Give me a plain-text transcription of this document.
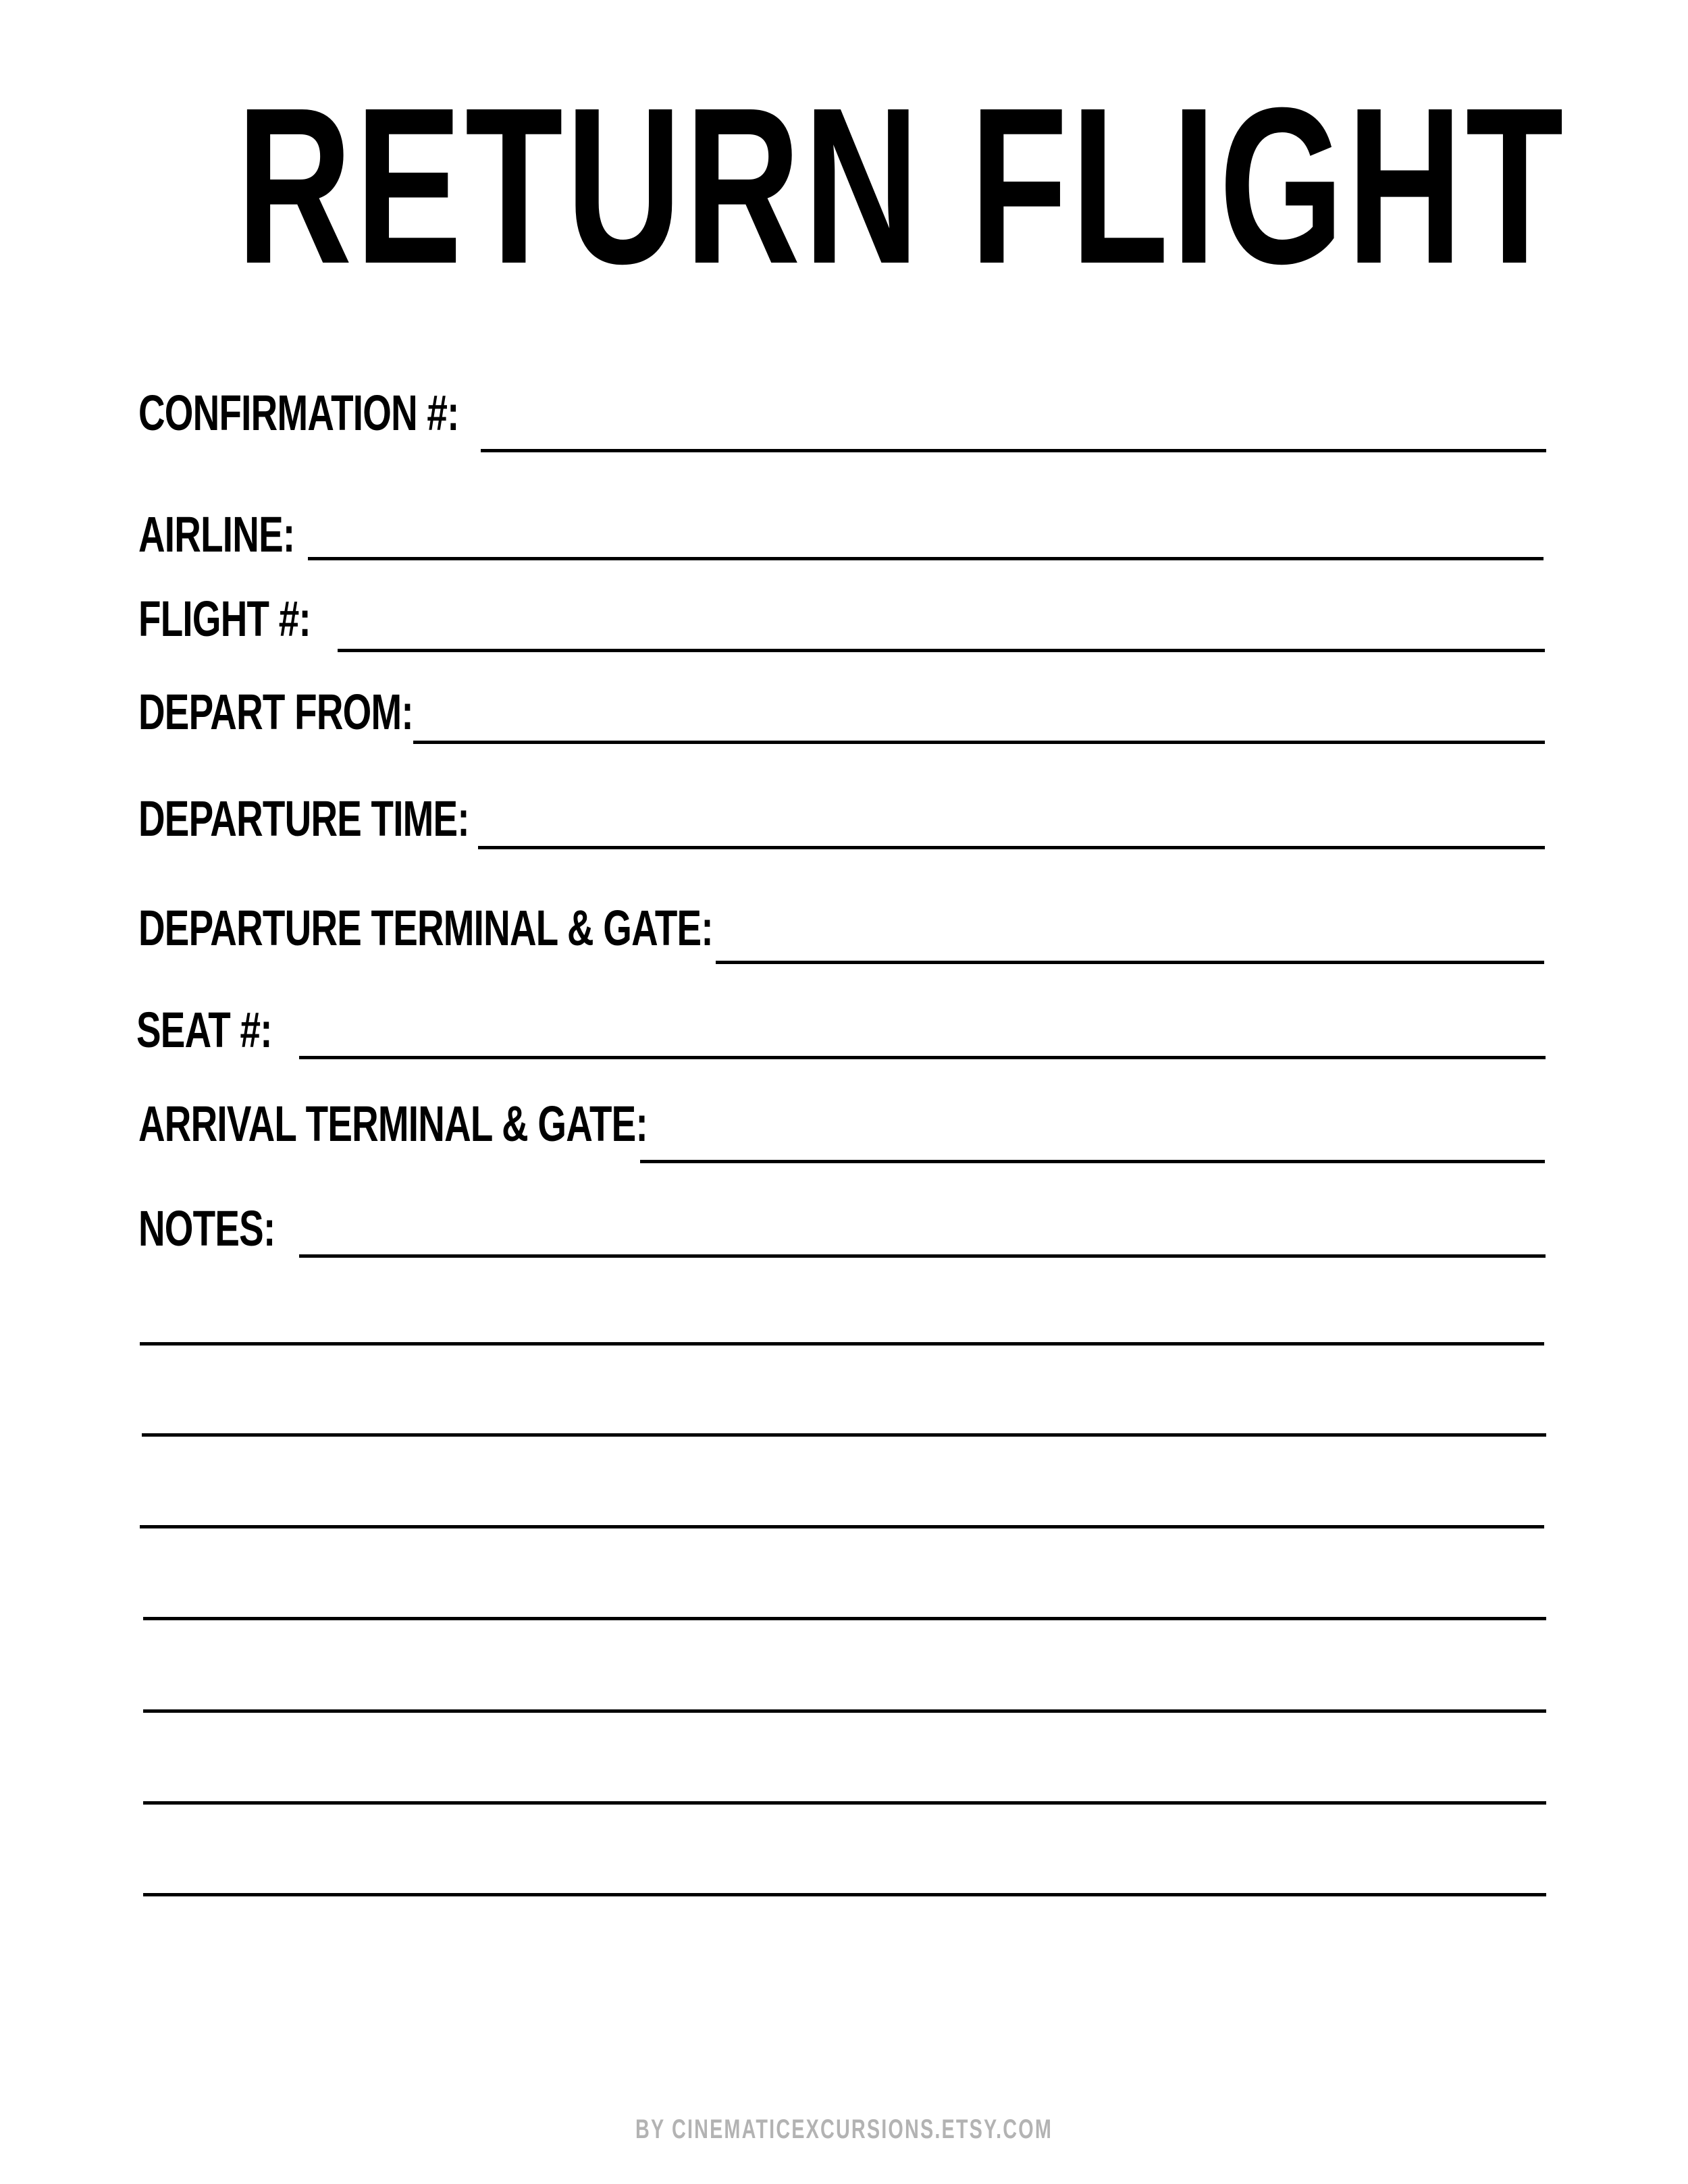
RETURN FLIGHT
CONFIRMATION #:
AIRLINE:
FLIGHT #:
DEPART FROM:
DEPARTURE TIME:
DEPARTURE TERMINAL & GATE:
SEAT #:
ARRIVAL TERMINAL & GATE:
NOTES:
BY CINEMATICEXCURSIONS.ETSY.COM
